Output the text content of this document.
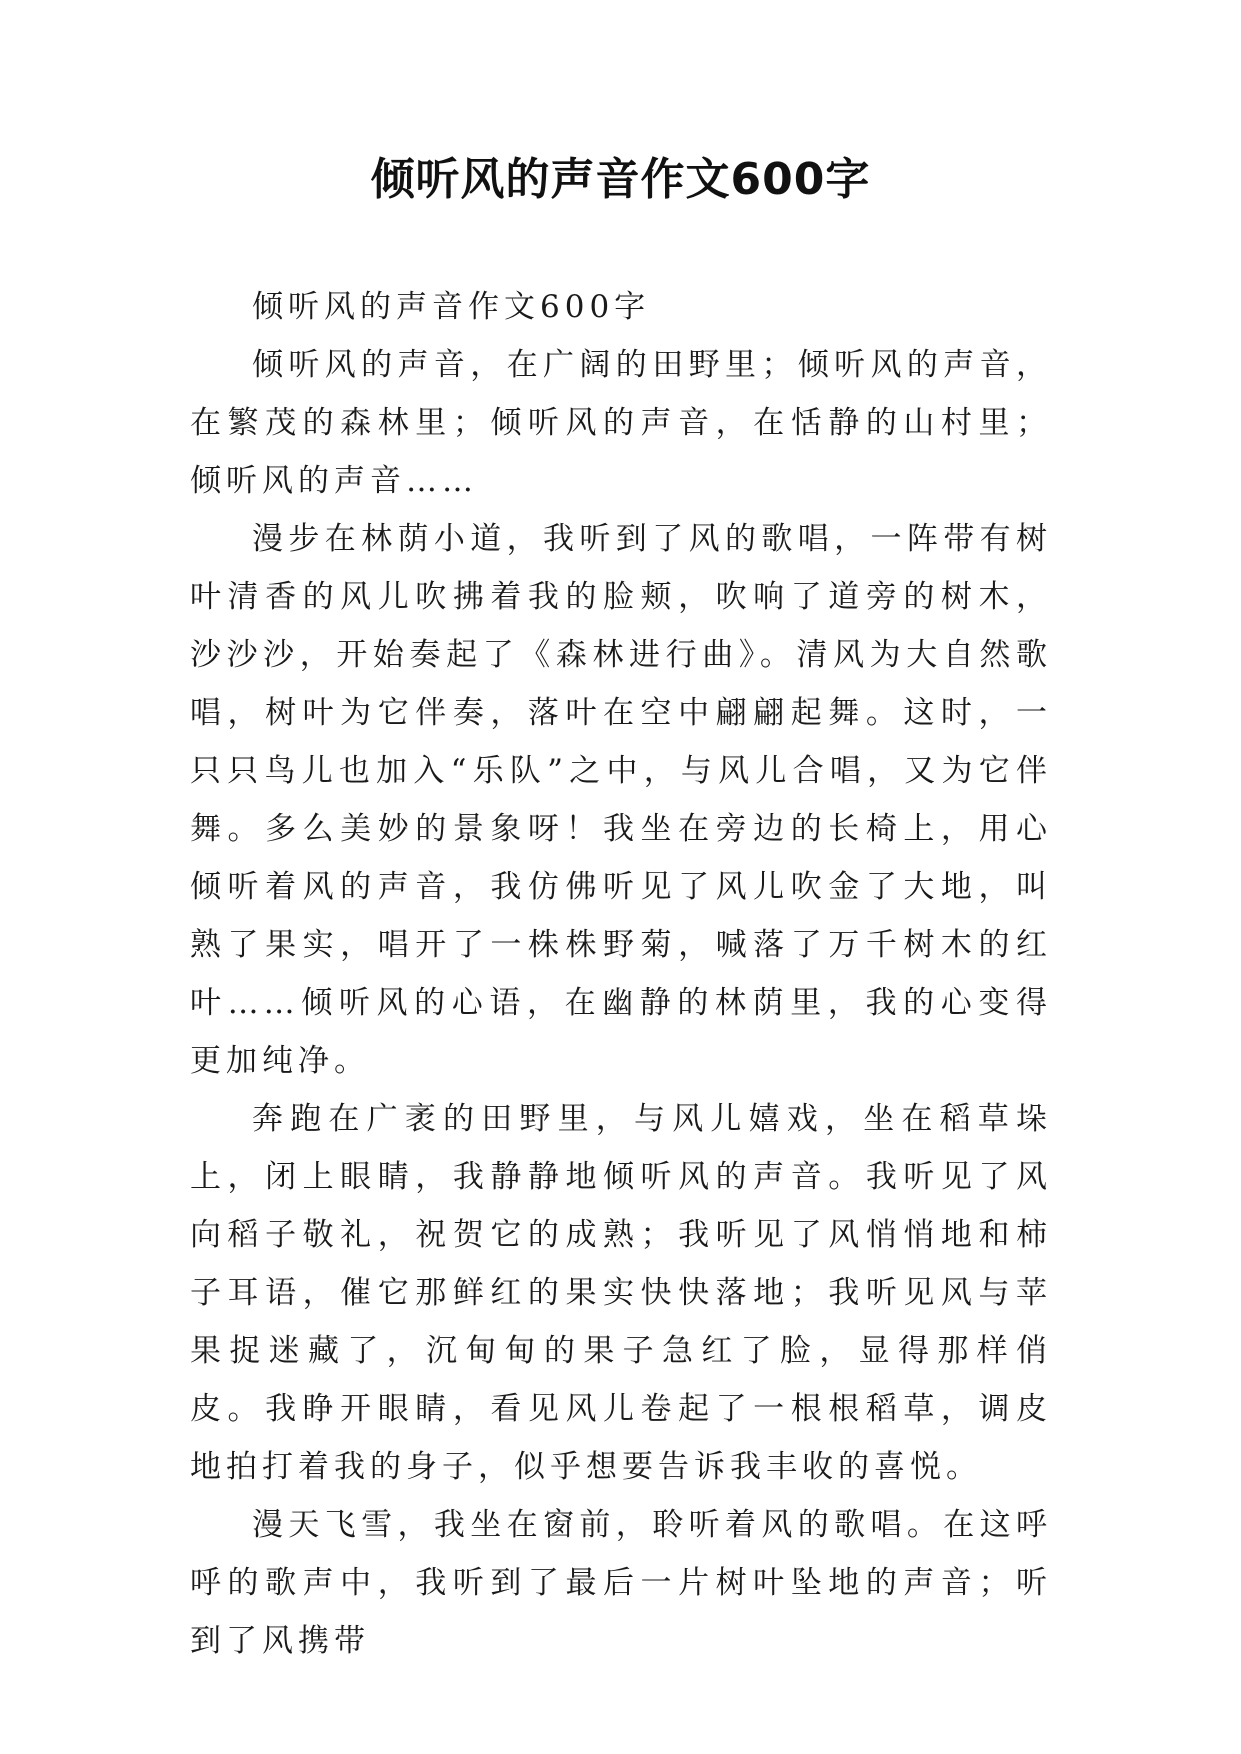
倾听风的声音作文600字

倾听风的声音作文600字

倾听风的声音，在广阔的田野里；倾听风的声音，在繁茂的森林里；倾听风的声音，在恬静的山村里；倾听风的声音……

漫步在林荫小道，我听到了风的歌唱，一阵带有树叶清香的风儿吹拂着我的脸颊，吹响了道旁的树木，沙沙沙，开始奏起了《森林进行曲》。清风为大自然歌唱，树叶为它伴奏，落叶在空中翩翩起舞。这时，一只只鸟儿也加入“乐队”之中，与风儿合唱，又为它伴舞。多么美妙的景象呀！我坐在旁边的长椅上，用心倾听着风的声音，我仿佛听见了风儿吹金了大地，叫熟了果实，唱开了一株株野菊，喊落了万千树木的红叶……倾听风的心语，在幽静的林荫里，我的心变得更加纯净。

奔跑在广袤的田野里，与风儿嬉戏，坐在稻草垛上，闭上眼睛，我静静地倾听风的声音。我听见了风向稻子敬礼，祝贺它的成熟；我听见了风悄悄地和柿子耳语，催它那鲜红的果实快快落地；我听见风与苹果捉迷藏了，沉甸甸的果子急红了脸，显得那样俏皮。我睁开眼睛，看见风儿卷起了一根根稻草，调皮地拍打着我的身子，似乎想要告诉我丰收的喜悦。

漫天飞雪，我坐在窗前，聆听着风的歌唱。在这呼呼的歌声中，我听到了最后一片树叶坠地的声音；听到了风携带
